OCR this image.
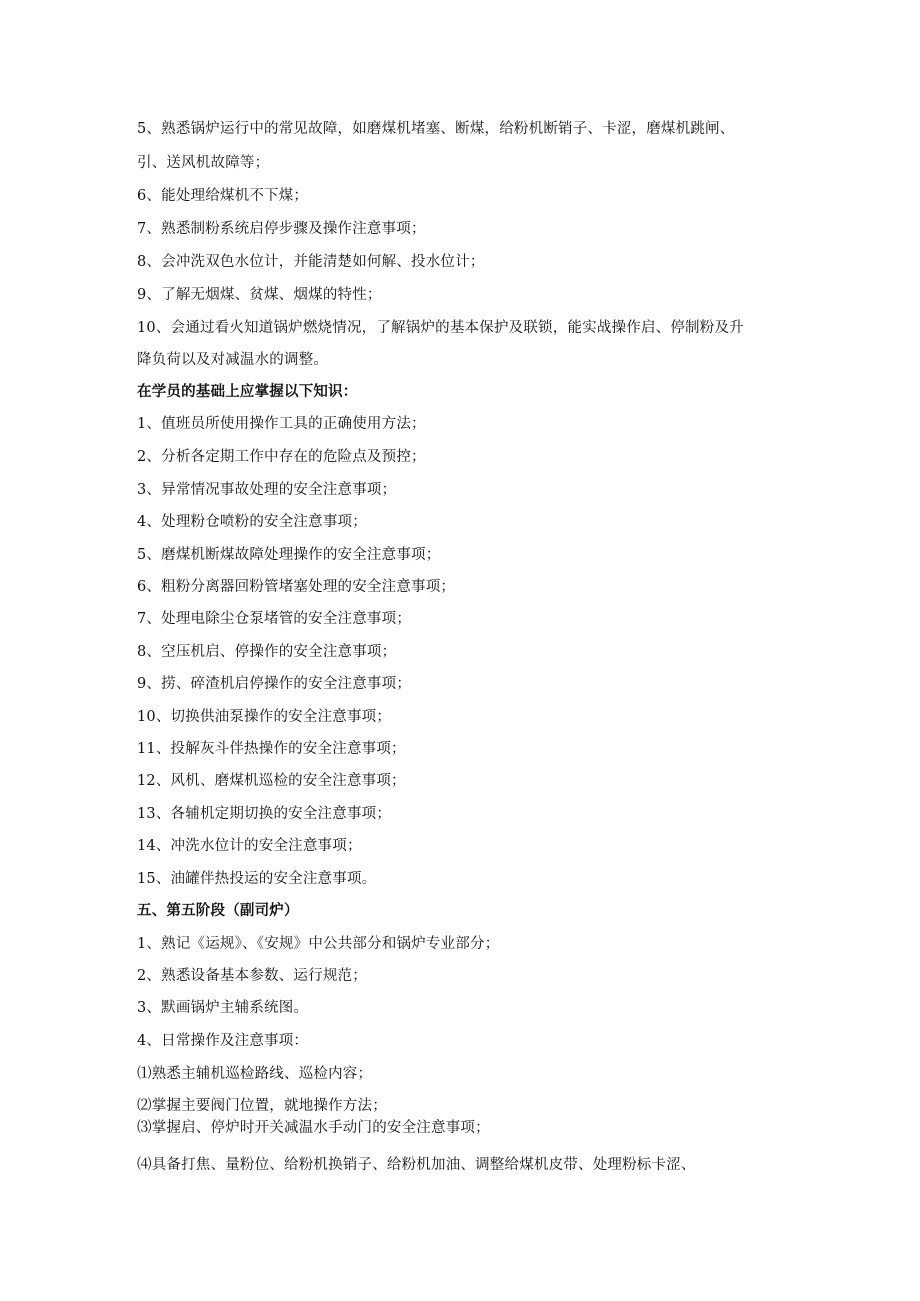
5、熟悉锅炉运行中的常见故障，如磨煤机堵塞、断煤，给粉机断销子、卡涩，磨煤机跳闸、
引、送风机故障等；
6、能处理给煤机不下煤；
7、熟悉制粉系统启停步骤及操作注意事项；
8、会冲洗双色水位计，并能清楚如何解、投水位计；
9、了解无烟煤、贫煤、烟煤的特性；
10、会通过看火知道锅炉燃烧情况，了解锅炉的基本保护及联锁，能实战操作启、停制粉及升
降负荷以及对减温水的调整。
在学员的基础上应掌握以下知识：
1、值班员所使用操作工具的正确使用方法；
2、分析各定期工作中存在的危险点及预控；
3、异常情况事故处理的安全注意事项；
4、处理粉仓喷粉的安全注意事项；
5、磨煤机断煤故障处理操作的安全注意事项；
6、粗粉分离器回粉管堵塞处理的安全注意事项；
7、处理电除尘仓泵堵管的安全注意事项；
8、空压机启、停操作的安全注意事项；
9、捞、碎渣机启停操作的安全注意事项；
10、切换供油泵操作的安全注意事项；
11、投解灰斗伴热操作的安全注意事项；
12、风机、磨煤机巡检的安全注意事项；
13、各辅机定期切换的安全注意事项；
14、冲洗水位计的安全注意事项；
15、油罐伴热投运的安全注意事项。
五、第五阶段（副司炉）
1、熟记《运规》、《安规》中公共部分和锅炉专业部分；
2、熟悉设备基本参数、运行规范；
3、默画锅炉主辅系统图。
4、日常操作及注意事项：
⑴熟悉主辅机巡检路线、巡检内容；
⑵掌握主要阀门位置，就地操作方法；
⑶掌握启、停炉时开关减温水手动门的安全注意事项；
⑷具备打焦、量粉位、给粉机换销子、给粉机加油、调整给煤机皮带、处理粉标卡涩、
